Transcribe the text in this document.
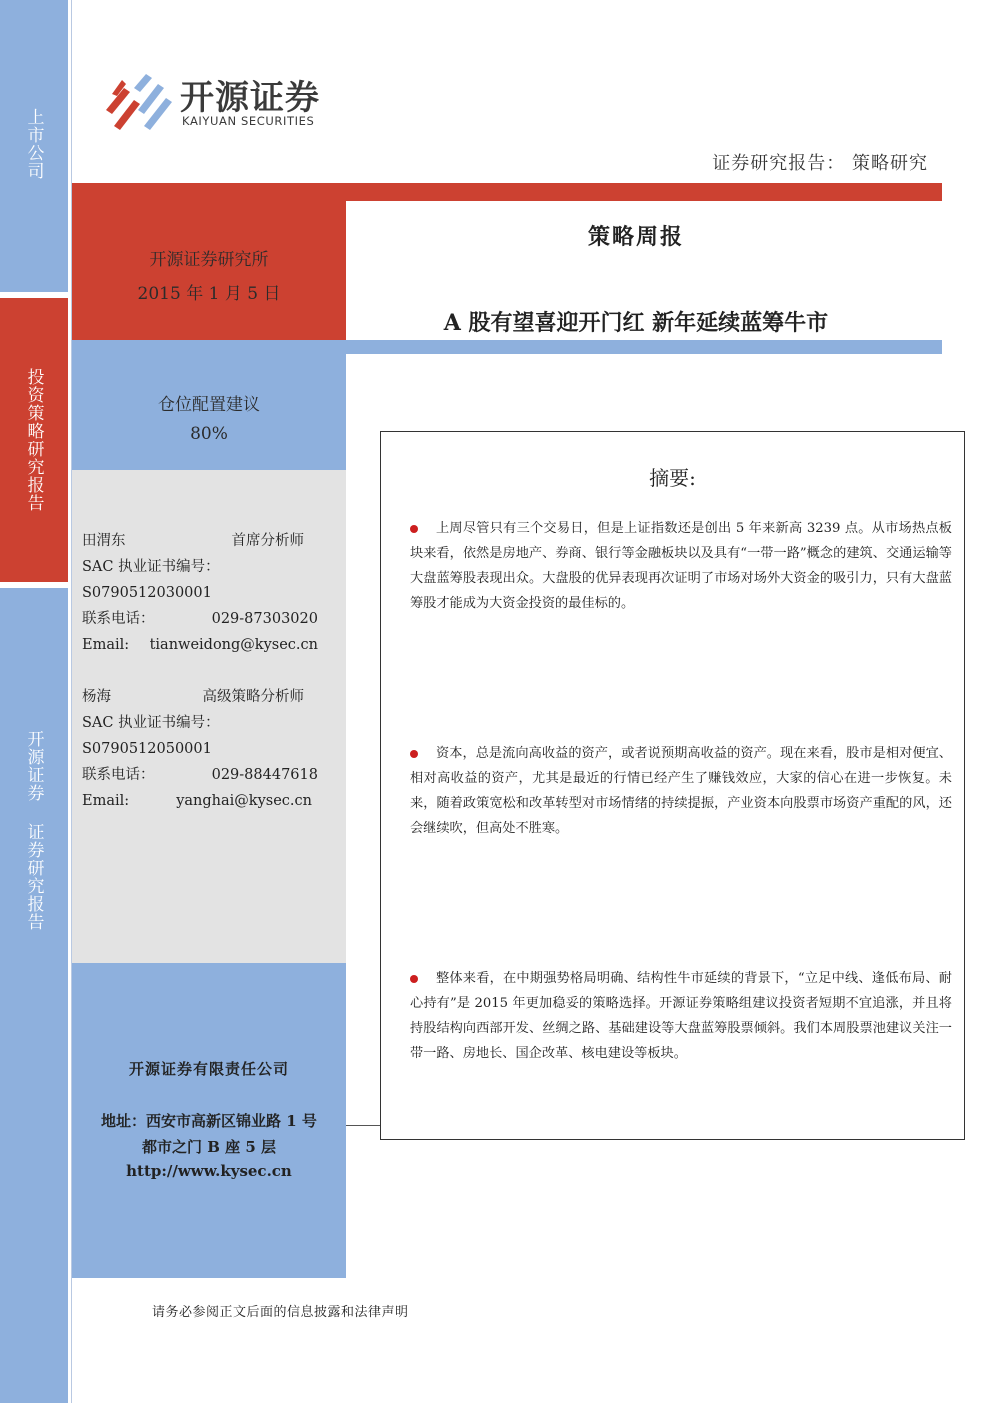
上市公司
投资策略研究报告
开源证券 证券研究报告
开源证券
KAIYUAN SECURITIES
证券研究报告： 策略研究
开源证券研究所
2015 年 1 月 5 日
策略周报
A 股有望喜迎开门红 新年延续蓝筹牛市
仓位配置建议
80%
田渭东	首席分析师
SAC 执业证书编号：
S0790512030001
联系电话：	029-87303020
Email: tianweidong@kysec.cn
杨海	高级策略分析师
SAC 执业证书编号：
S0790512050001
联系电话：	029-88447618
Email:	yanghai@kysec.cn
开源证券有限责任公司
地址：西安市高新区锦业路 1 号
都市之门 B 座 5 层
http://www.kysec.cn
摘要:
上周尽管只有三个交易日，但是上证指数还是创出 5 年来新高 3239 点。从市场热点板块来看，依然是房地产、券商、银行等金融板块以及具有“一带一路”概念的建筑、交通运输等大盘蓝筹股表现出众。大盘股的优异表现再次证明了市场对场外大资金的吸引力，只有大盘蓝筹股才能成为大资金投资的最佳标的。
资本，总是流向高收益的资产，或者说预期高收益的资产。现在来看，股市是相对便宜、相对高收益的资产，尤其是最近的行情已经产生了赚钱效应，大家的信心在进一步恢复。未来，随着政策宽松和改革转型对市场情绪的持续提振，产业资本向股票市场资产重配的风，还会继续吹，但高处不胜寒。
整体来看，在中期强势格局明确、结构性牛市延续的背景下，“立足中线、逢低布局、耐心持有”是 2015 年更加稳妥的策略选择。开源证券策略组建议投资者短期不宜追涨，并且将持股结构向西部开发、丝绸之路、基础建设等大盘蓝筹股票倾斜。我们本周股票池建议关注一带一路、房地长、国企改革、核电建设等板块。
请务必参阅正文后面的信息披露和法律声明
